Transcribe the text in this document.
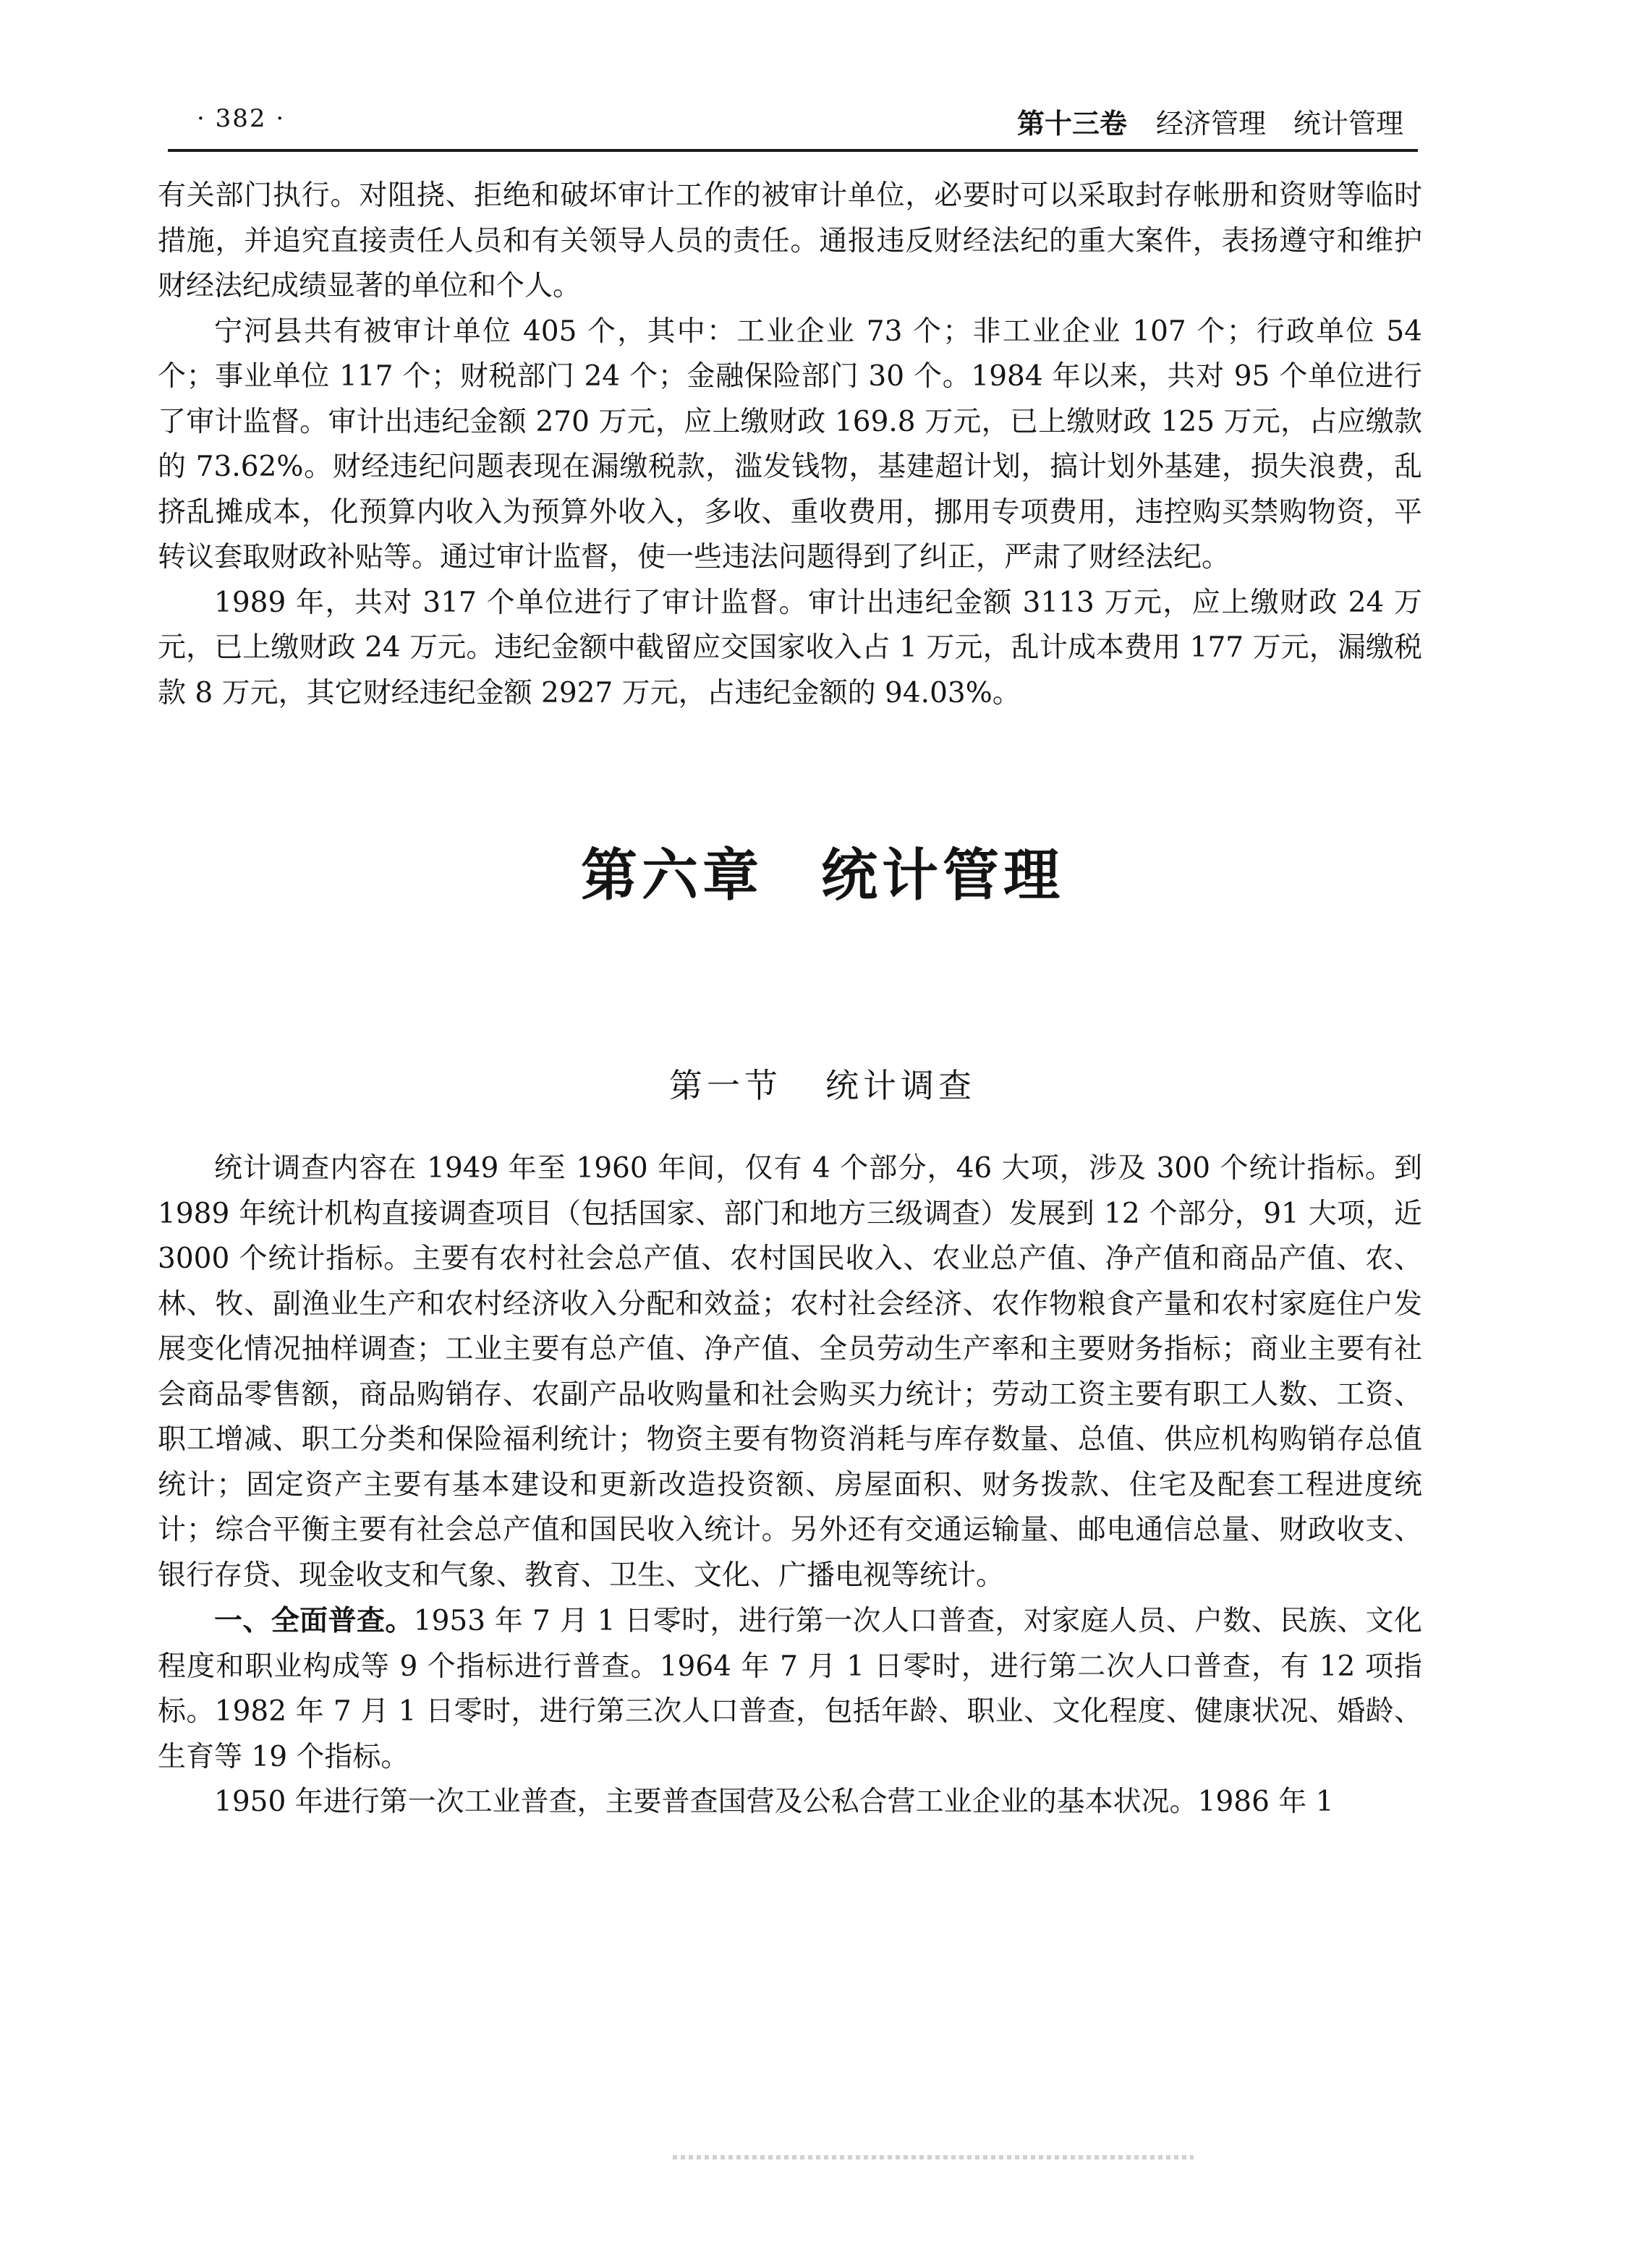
· 382 ·	第十三卷 经济管理 统计管理

有关部门执行。对阻挠、拒绝和破坏审计工作的被审计单位，必要时可以采取封存帐册和资财等临时措施，并追究直接责任人员和有关领导人员的责任。通报违反财经法纪的重大案件，表扬遵守和维护财经法纪成绩显著的单位和个人。

宁河县共有被审计单位 405 个，其中：工业企业 73 个；非工业企业 107 个；行政单位 54 个；事业单位 117 个；财税部门 24 个；金融保险部门 30 个。1984 年以来，共对 95 个单位进行了审计监督。审计出违纪金额 270 万元，应上缴财政 169.8 万元，已上缴财政 125 万元，占应缴款的 73.62%。财经违纪问题表现在漏缴税款，滥发钱物，基建超计划，搞计划外基建，损失浪费，乱挤乱摊成本，化预算内收入为预算外收入，多收、重收费用，挪用专项费用，违控购买禁购物资，平转议套取财政补贴等。通过审计监督，使一些违法问题得到了纠正，严肃了财经法纪。

1989 年，共对 317 个单位进行了审计监督。审计出违纪金额 3113 万元，应上缴财政 24 万元，已上缴财政 24 万元。违纪金额中截留应交国家收入占 1 万元，乱计成本费用 177 万元，漏缴税款 8 万元，其它财经违纪金额 2927 万元，占违纪金额的 94.03%。

第六章 统计管理
第一节 统计调查

统计调查内容在 1949 年至 1960 年间，仅有 4 个部分，46 大项，涉及 300 个统计指标。到 1989 年统计机构直接调查项目（包括国家、部门和地方三级调查）发展到 12 个部分，91 大项，近 3000 个统计指标。主要有农村社会总产值、农村国民收入、农业总产值、净产值和商品产值、农、林、牧、副渔业生产和农村经济收入分配和效益；农村社会经济、农作物粮食产量和农村家庭住户发展变化情况抽样调查；工业主要有总产值、净产值、全员劳动生产率和主要财务指标；商业主要有社会商品零售额，商品购销存、农副产品收购量和社会购买力统计；劳动工资主要有职工人数、工资、职工增减、职工分类和保险福利统计；物资主要有物资消耗与库存数量、总值、供应机构购销存总值统计；固定资产主要有基本建设和更新改造投资额、房屋面积、财务拨款、住宅及配套工程进度统计；综合平衡主要有社会总产值和国民收入统计。另外还有交通运输量、邮电通信总量、财政收支、银行存贷、现金收支和气象、教育、卫生、文化、广播电视等统计。

一、全面普查。1953 年 7 月 1 日零时，进行第一次人口普查，对家庭人员、户数、民族、文化程度和职业构成等 9 个指标进行普查。1964 年 7 月 1 日零时，进行第二次人口普查，有 12 项指标。1982 年 7 月 1 日零时，进行第三次人口普查，包括年龄、职业、文化程度、健康状况、婚龄、生育等 19 个指标。

1950 年进行第一次工业普查，主要普查国营及公私合营工业企业的基本状况。1986 年 1
